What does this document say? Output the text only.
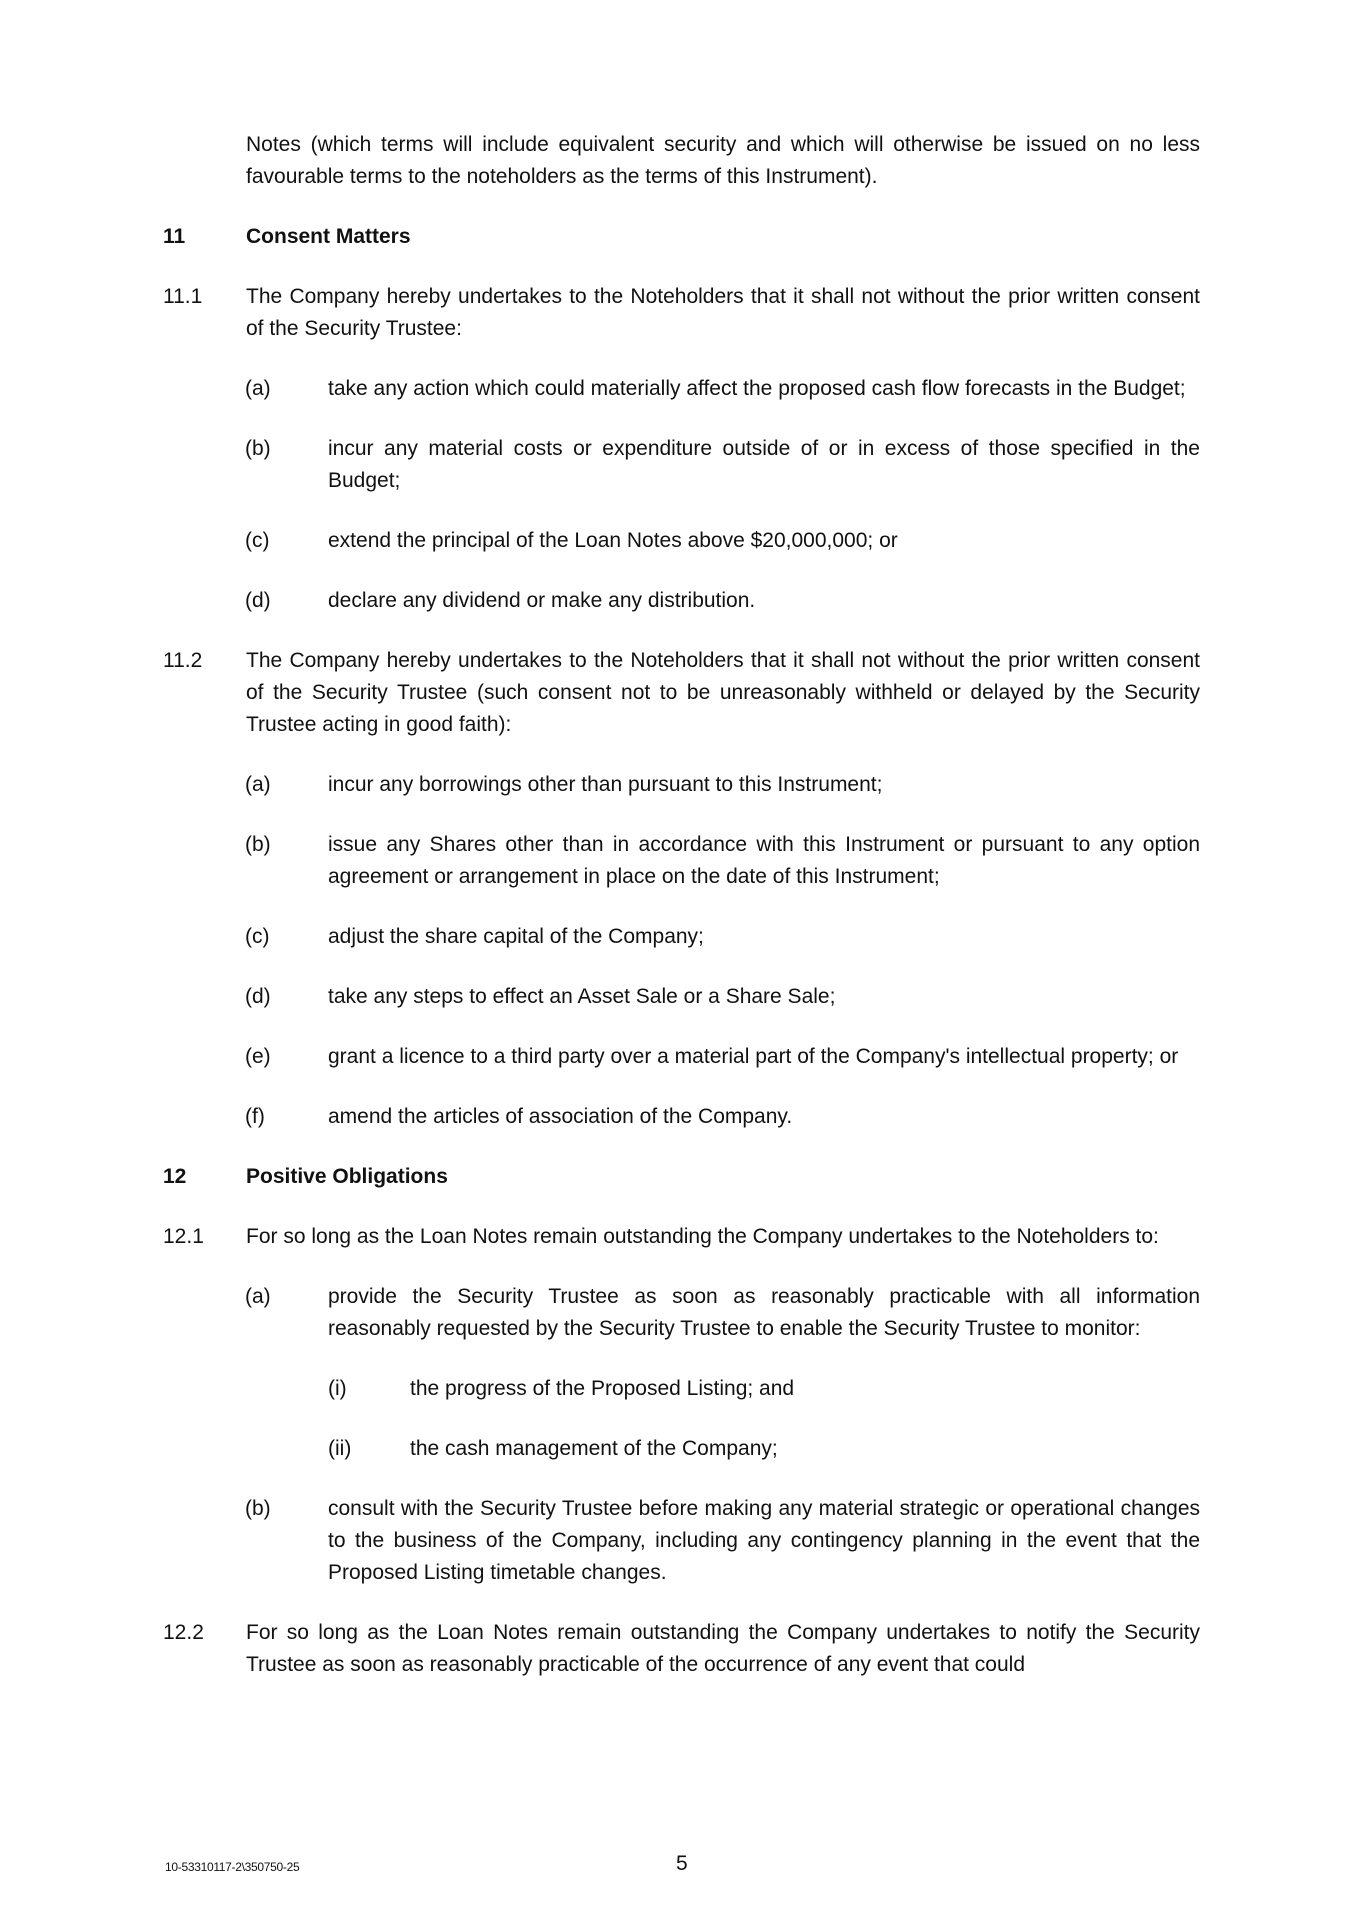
Notes (which terms will include equivalent security and which will otherwise be issued on no less favourable terms to the noteholders as the terms of this Instrument).
11	Consent Matters
11.1 The Company hereby undertakes to the Noteholders that it shall not without the prior written consent of the Security Trustee:
(a)	take any action which could materially affect the proposed cash flow forecasts in the Budget;
(b)	incur any material costs or expenditure outside of or in excess of those specified in the Budget;
(c)	extend the principal of the Loan Notes above $20,000,000; or
(d)	declare any dividend or make any distribution.
11.2 The Company hereby undertakes to the Noteholders that it shall not without the prior written consent of the Security Trustee (such consent not to be unreasonably withheld or delayed by the Security Trustee acting in good faith):
(a)	incur any borrowings other than pursuant to this Instrument;
(b)	issue any Shares other than in accordance with this Instrument or pursuant to any option agreement or arrangement in place on the date of this Instrument;
(c)	adjust the share capital of the Company;
(d)	take any steps to effect an Asset Sale or a Share Sale;
(e)	grant a licence to a third party over a material part of the Company's intellectual property; or
(f)	amend the articles of association of the Company.
12	Positive Obligations
12.1 For so long as the Loan Notes remain outstanding the Company undertakes to the Noteholders to:
(a)	provide the Security Trustee as soon as reasonably practicable with all information reasonably requested by the Security Trustee to enable the Security Trustee to monitor:
(i)	the progress of the Proposed Listing; and
(ii)	the cash management of the Company;
(b)	consult with the Security Trustee before making any material strategic or operational changes to the business of the Company, including any contingency planning in the event that the Proposed Listing timetable changes.
12.2 For so long as the Loan Notes remain outstanding the Company undertakes to notify the Security Trustee as soon as reasonably practicable of the occurrence of any event that could
10-53310117-2\350750-25	5
